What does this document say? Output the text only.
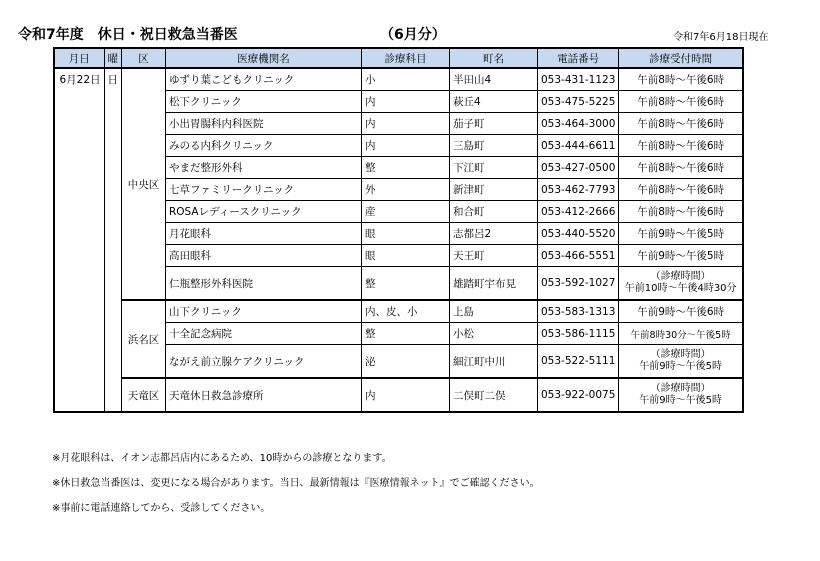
令和7年度　休日・祝日救急当番医	（6月分）	令和7年6月18日現在
月日	曜	区	医療機関名	診療科目	町名	電話番号	診療受付時間
6月22日	日	中央区	ゆずり葉こどもクリニック	小	半田山4	053-431-1123	午前8時～午後6時
			松下クリニック	内	萩丘4	053-475-5225	午前8時～午後6時
			小出胃腸科内科医院	内	茄子町	053-464-3000	午前8時～午後6時
			みのる内科クリニック	内	三島町	053-444-6611	午前8時～午後6時
			やまだ整形外科	整	下江町	053-427-0500	午前8時～午後6時
			七草ファミリークリニック	外	新津町	053-462-7793	午前8時～午後6時
			ROSAレディースクリニック	産	和合町	053-412-2666	午前8時～午後6時
			月花眼科	眼	志都呂2	053-440-5520	午前9時～午後5時
			高田眼科	眼	天王町	053-466-5551	午前9時～午後5時
			仁瓶整形外科医院	整	雄踏町宇布見	053-592-1027	（診療時間）
午前10時～午後4時30分

		浜名区	山下クリニック	内、皮、小	上島	053-583-1313	午前9時～午後6時
			十全記念病院	整	小松	053-586-1115	午前8時30分～午後5時
			ながえ前立腺ケアクリニック	泌	細江町中川	053-522-5111	（診療時間）
午前9時～午後5時

		天竜区	天竜休日救急診療所	内	二俣町二俣	053-922-0075	（診療時間）
午前9時～午後5時
※月花眼科は、イオン志都呂店内にあるため、10時からの診療となります。
※休日救急当番医は、変更になる場合があります。当日、最新情報は『医療情報ネット』でご確認ください。
※事前に電話連絡してから、受診してください。
